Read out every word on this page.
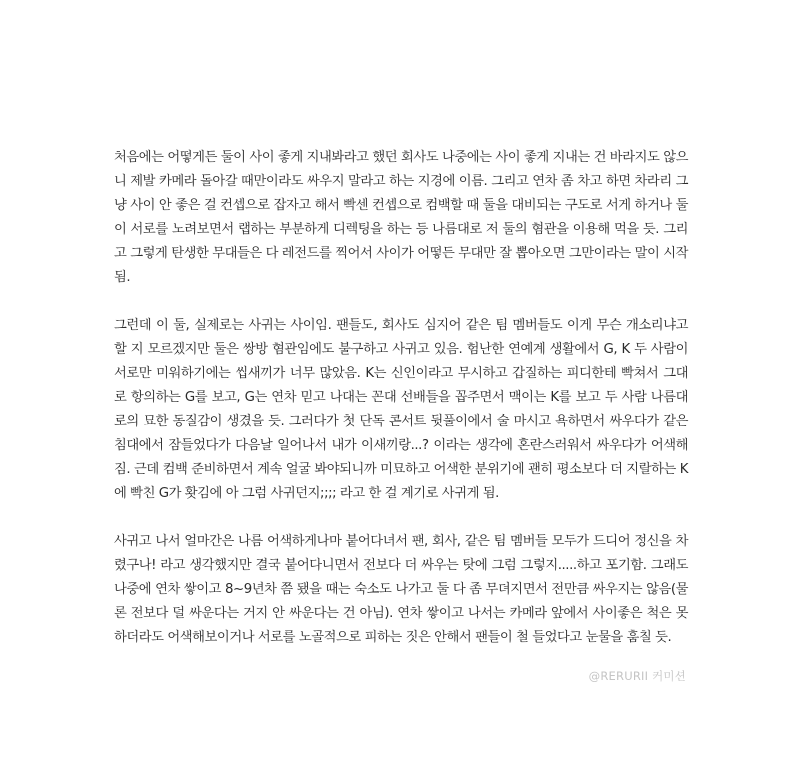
처음에는 어떻게든 둘이 사이 좋게 지내봐라고 했던 회사도 나중에는 사이 좋게 지내는 건 바라지도 않으니 제발 카메라 돌아갈 때만이라도 싸우지 말라고 하는 지경에 이름. 그리고 연차 좀 차고 하면 차라리 그냥 사이 안 좋은 걸 컨셉으로 잡자고 해서 빡센 컨셉으로 컴백할 때 둘을 대비되는 구도로 서게 하거나 둘이 서로를 노려보면서 랩하는 부분하게 디렉팅을 하는 등 나름대로 저 둘의 혐관을 이용해 먹을 듯. 그리고 그렇게 탄생한 무대들은 다 레전드를 찍어서 사이가 어떻든 무대만 잘 뽑아오면 그만이라는 말이 시작됨.

그런데 이 둘, 실제로는 사귀는 사이임. 팬들도, 회사도 심지어 같은 팀 멤버들도 이게 무슨 개소리냐고 할 지 모르겠지만 둘은 쌍방 혐관임에도 불구하고 사귀고 있음. 험난한 연예계 생활에서 G, K 두 사람이 서로만 미워하기에는 씹새끼가 너무 많았음. K는 신인이라고 무시하고 갑질하는 피디한테 빡쳐서 그대로 항의하는 G를 보고, G는 연차 믿고 나대는 꼰대 선배들을 꼽주면서 맥이는 K를 보고 두 사람 나름대로의 묘한 동질감이 생겼을 듯. 그러다가 첫 단독 콘서트 뒷풀이에서 술 마시고 욕하면서 싸우다가 같은 침대에서 잠들었다가 다음날 일어나서 내가 이새끼랑...? 이라는 생각에 혼란스러워서 싸우다가 어색해짐. 근데 컴백 준비하면서 계속 얼굴 봐야되니까 미묘하고 어색한 분위기에 괜히 평소보다 더 지랄하는 K에 빡친 G가 홧김에 아 그럼 사귀던지;;;; 라고 한 걸 계기로 사귀게 됨.

사귀고 나서 얼마간은 나름 어색하게나마 붙어다녀서 팬, 회사, 같은 팀 멤버들 모두가 드디어 정신을 차렸구나! 라고 생각했지만 결국 붙어다니면서 전보다 더 싸우는 탓에 그럼 그렇지.....하고 포기함. 그래도 나중에 연차 쌓이고 8~9년차 쯤 됐을 때는 숙소도 나가고 둘 다 좀 무뎌지면서 전만큼 싸우지는 않음(물론 전보다 덜 싸운다는 거지 안 싸운다는 건 아님). 연차 쌓이고 나서는 카메라 앞에서 사이좋은 척은 못하더라도 어색해보이거나 서로를 노골적으로 피하는 짓은 안해서 팬들이 철 들었다고 눈물을 훔칠 듯.

@RERURII 커미션
